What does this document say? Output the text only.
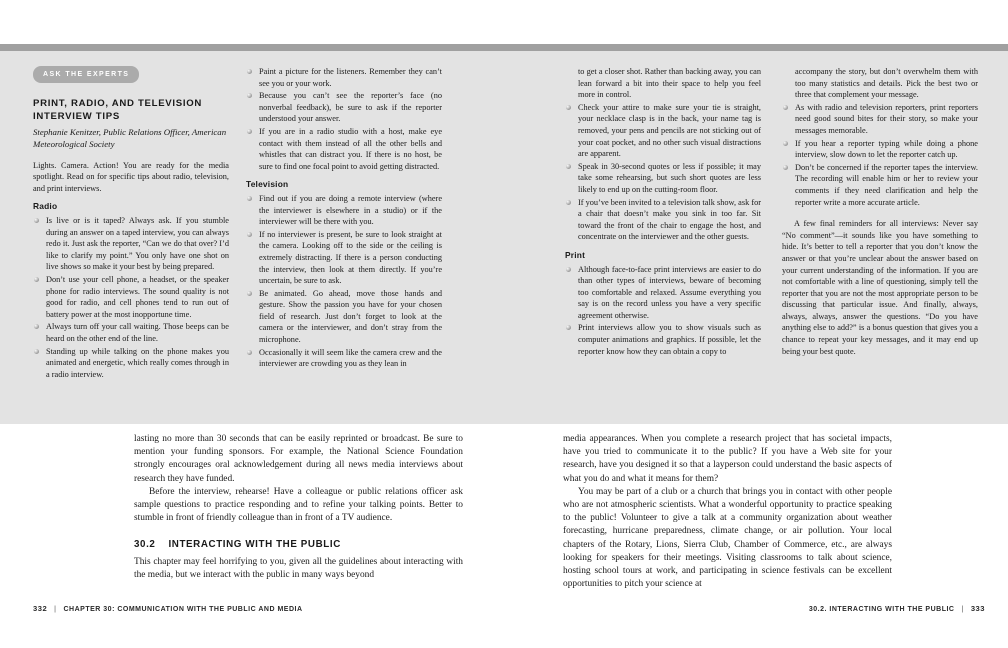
ASK THE EXPERTS
PRINT, RADIO, AND TELEVISION INTERVIEW TIPS
Stephanie Kenitzer, Public Relations Officer, American Meteorological Society
Lights. Camera. Action! You are ready for the media spotlight. Read on for specific tips about radio, television, and print interviews.
Radio
Is live or is it taped? Always ask. If you stumble during an answer on a taped interview, you can always redo it. Just ask the reporter, “Can we do that over? I’d like to clarify my point.” You only have one shot on live shows so make it your best by being prepared.
Don’t use your cell phone, a headset, or the speaker phone for radio interviews. The sound quality is not good for radio, and cell phones tend to run out of battery power at the most inopportune time.
Always turn off your call waiting. Those beeps can be heard on the other end of the line.
Standing up while talking on the phone makes you animated and energetic, which really comes through in a radio interview.
Paint a picture for the listeners. Remember they can’t see you or your work.
Because you can’t see the reporter’s face (no nonverbal feedback), be sure to ask if the reporter understood your answer.
If you are in a radio studio with a host, make eye contact with them instead of all the other bells and whistles that can distract you. If there is no host, be sure to find one focal point to avoid getting distracted.
Television
Find out if you are doing a remote interview (where the interviewer is elsewhere in a studio) or if the interviewer will be there with you.
If no interviewer is present, be sure to look straight at the camera. Looking off to the side or the ceiling is extremely distracting. If there is a person conducting the interview, then look at them directly. If you’re uncertain, be sure to ask.
Be animated. Go ahead, move those hands and gesture. Show the passion you have for your chosen field of research. Just don’t forget to look at the camera or the interviewer, and don’t stray from the microphone.
Occasionally it will seem like the camera crew and the interviewer are crowding you as they lean in
to get a closer shot. Rather than backing away, you can lean forward a bit into their space to help you feel more in control.
Check your attire to make sure your tie is straight, your necklace clasp is in the back, your name tag is removed, your pens and pencils are not sticking out of your coat pocket, and no other such visual distractions are apparent.
Speak in 30-second quotes or less if possible; it may take some rehearsing, but such short quotes are less likely to end up on the cutting-room floor.
If you’ve been invited to a television talk show, ask for a chair that doesn’t make you sink in too far. Sit toward the front of the chair to engage the host, and concentrate on the interviewer and the other guests.
Print
Although face-to-face print interviews are easier to do than other types of interviews, beware of becoming too comfortable and relaxed. Assume everything you say is on the record unless you have a very specific agreement otherwise.
Print interviews allow you to show visuals such as computer animations and graphics. If possible, let the reporter know how they can obtain a copy to
accompany the story, but don’t overwhelm them with too many statistics and details. Pick the best two or three that complement your message.
As with radio and television reporters, print reporters need good sound bites for their story, so make your messages memorable.
If you hear a reporter typing while doing a phone interview, slow down to let the reporter catch up.
Don’t be concerned if the reporter tapes the interview. The recording will enable him or her to review your comments if they need clarification and help the reporter write a more accurate article.
A few final reminders for all interviews: Never say “No comment”—it sounds like you have something to hide. It’s better to tell a reporter that you don’t know the answer or that you’re unclear about the answer based on your current understanding of the information. If you are not comfortable with a line of questioning, simply tell the reporter that you are not the most appropriate person to be discussing that particular issue. And finally, always, always, always, answer the questions. “Do you have anything else to add?” is a bonus question that gives you a chance to repeat your key messages, and it may end up being your best quote.
lasting no more than 30 seconds that can be easily reprinted or broadcast. Be sure to mention your funding sponsors. For example, the National Science Foundation strongly encourages oral acknowledgement during all news media interviews about research they have funded.
Before the interview, rehearse! Have a colleague or public relations officer ask sample questions to practice responding and to refine your talking points. Better to stumble in front of friendly colleague than in front of a TV audience.
30.2 INTERACTING WITH THE PUBLIC
This chapter may feel horrifying to you, given all the guidelines about interacting with the media, but we interact with the public in many ways beyond
media appearances. When you complete a research project that has societal impacts, have you tried to communicate it to the public? If you have a Web site for your research, have you designed it so that a layperson could understand the basic aspects of what you do and what it means for them?
You may be part of a club or a church that brings you in contact with other people who are not atmospheric scientists. What a wonderful opportunity to practice speaking to the public! Volunteer to give a talk at a community organization about weather forecasting, hurricane preparedness, climate change, or air pollution. Your local chapters of the Rotary, Lions, Sierra Club, Chamber of Commerce, etc., are always looking for speakers for their meetings. Visiting classrooms to talk about science, hosting school tours at work, and participating in science festivals can be excellent opportunities to pitch your science at
332 | CHAPTER 30: COMMUNICATION WITH THE PUBLIC AND MEDIA	30.2. INTERACTING WITH THE PUBLIC | 333
